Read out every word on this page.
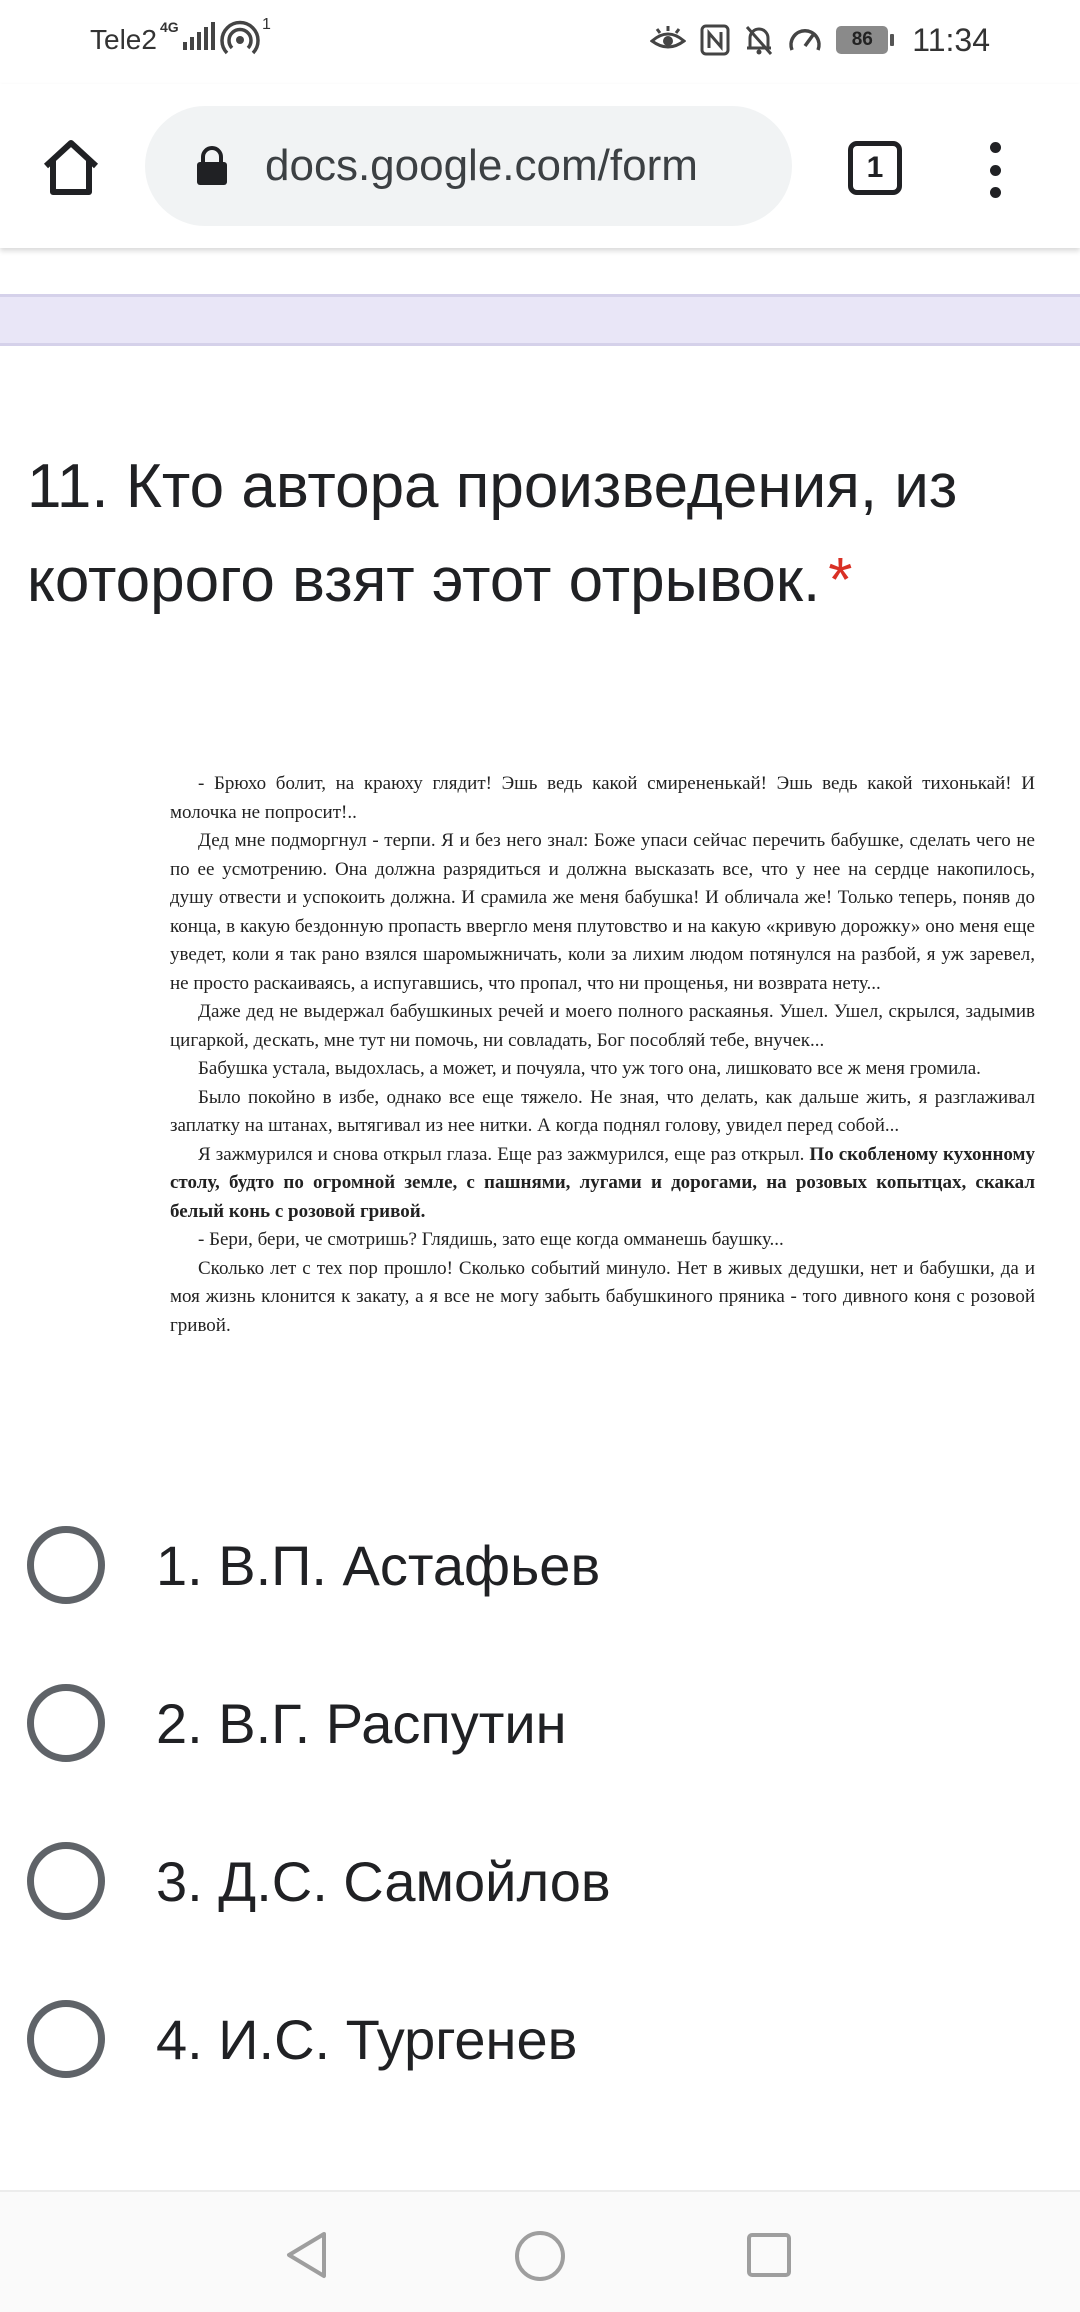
Tele2 4G	1
86	11:34
docs.google.com/form	1
11. Кто автора произведения, из которого взят этот отрывок. *

- Брюхо болит, на краюху глядит! Эшь ведь какой смирененькай! Эшь ведь какой тихонькай! И молочка не попросит!..

Дед мне подморгнул - терпи. Я и без него знал: Боже упаси сейчас перечить бабушке, сделать чего не по ее усмотрению. Она должна разрядиться и должна высказать все, что у нее на сердце накопилось, душу отвести и успокоить должна. И срамила же меня бабушка! И обличала же! Только теперь, поняв до конца, в какую бездонную пропасть ввергло меня плутовство и на какую «кривую дорожку» оно меня еще уведет, коли я так рано взялся шаромыжничать, коли за лихим людом потянулся на разбой, я уж заревел, не просто раскаиваясь, а испугавшись, что пропал, что ни прощенья, ни возврата нету...

Даже дед не выдержал бабушкиных речей и моего полного раскаянья. Ушел. Ушел, скрылся, задымив цигаркой, дескать, мне тут ни помочь, ни совладать, Бог пособляй тебе, внучек...

Бабушка устала, выдохлась, а может, и почуяла, что уж того она, лишковато все ж меня громила.

Было покойно в избе, однако все еще тяжело. Не зная, что делать, как дальше жить, я разглаживал заплатку на штанах, вытягивал из нее нитки. А когда поднял голову, увидел перед собой...

Я зажмурился и снова открыл глаза. Еще раз зажмурился, еще раз открыл. По скобленому кухонному столу, будто по огромной земле, с пашнями, лугами и дорогами, на розовых копытцах, скакал белый конь с розовой гривой.

- Бери, бери, че смотришь? Глядишь, зато еще когда омманешь баушку...

Сколько лет с тех пор прошло! Сколько событий минуло. Нет в живых дедушки, нет и бабушки, да и моя жизнь клонится к закату, а я все не могу забыть бабушкиного пряника - того дивного коня с розовой гривой.

1. В.П. Астафьев
2. В.Г. Распутин
3. Д.С. Самойлов
4. И.С. Тургенев
